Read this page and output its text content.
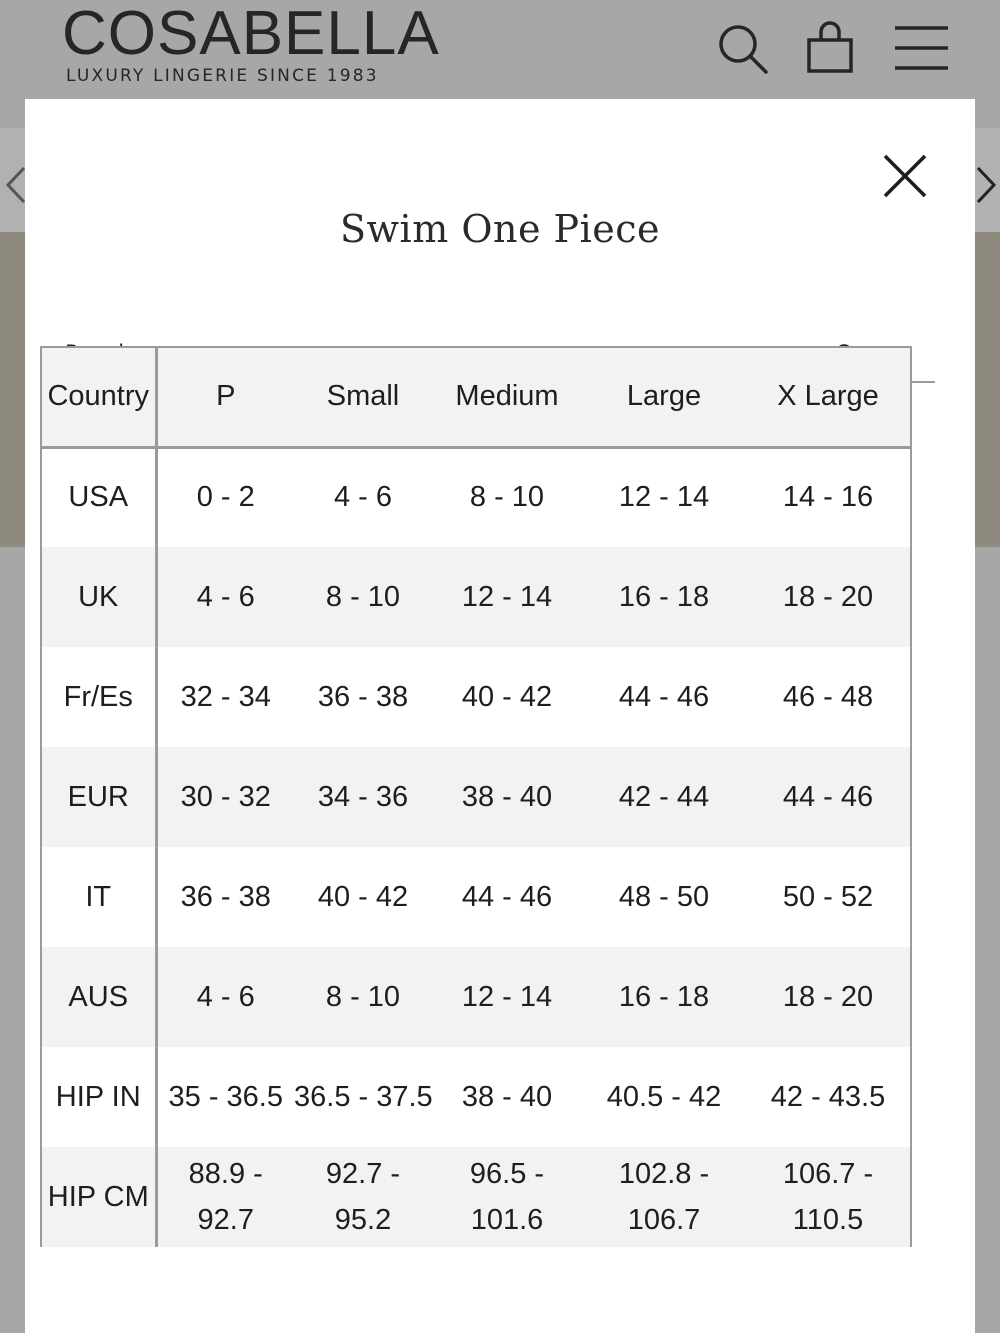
COSABELLA
LUXURY LINGERIE SINCE 1983
Swim One Piece
Country	P	Small	Medium	Large	X Large
USA	0 - 2	4 - 6	8 - 10	12 - 14	14 - 16
UK	4 - 6	8 - 10	12 - 14	16 - 18	18 - 20
Fr/Es	32 - 34	36 - 38	40 - 42	44 - 46	46 - 48
EUR	30 - 32	34 - 36	38 - 40	42 - 44	44 - 46
IT	36 - 38	40 - 42	44 - 46	48 - 50	50 - 52
AUS	4 - 6	8 - 10	12 - 14	16 - 18	18 - 20
HIP IN	35 - 36.5	36.5 - 37.5	38 - 40	40.5 - 42	42 - 43.5
HIP CM	88.9 - 92.7	92.7 - 95.2	96.5 - 101.6	102.8 - 106.7	106.7 - 110.5
